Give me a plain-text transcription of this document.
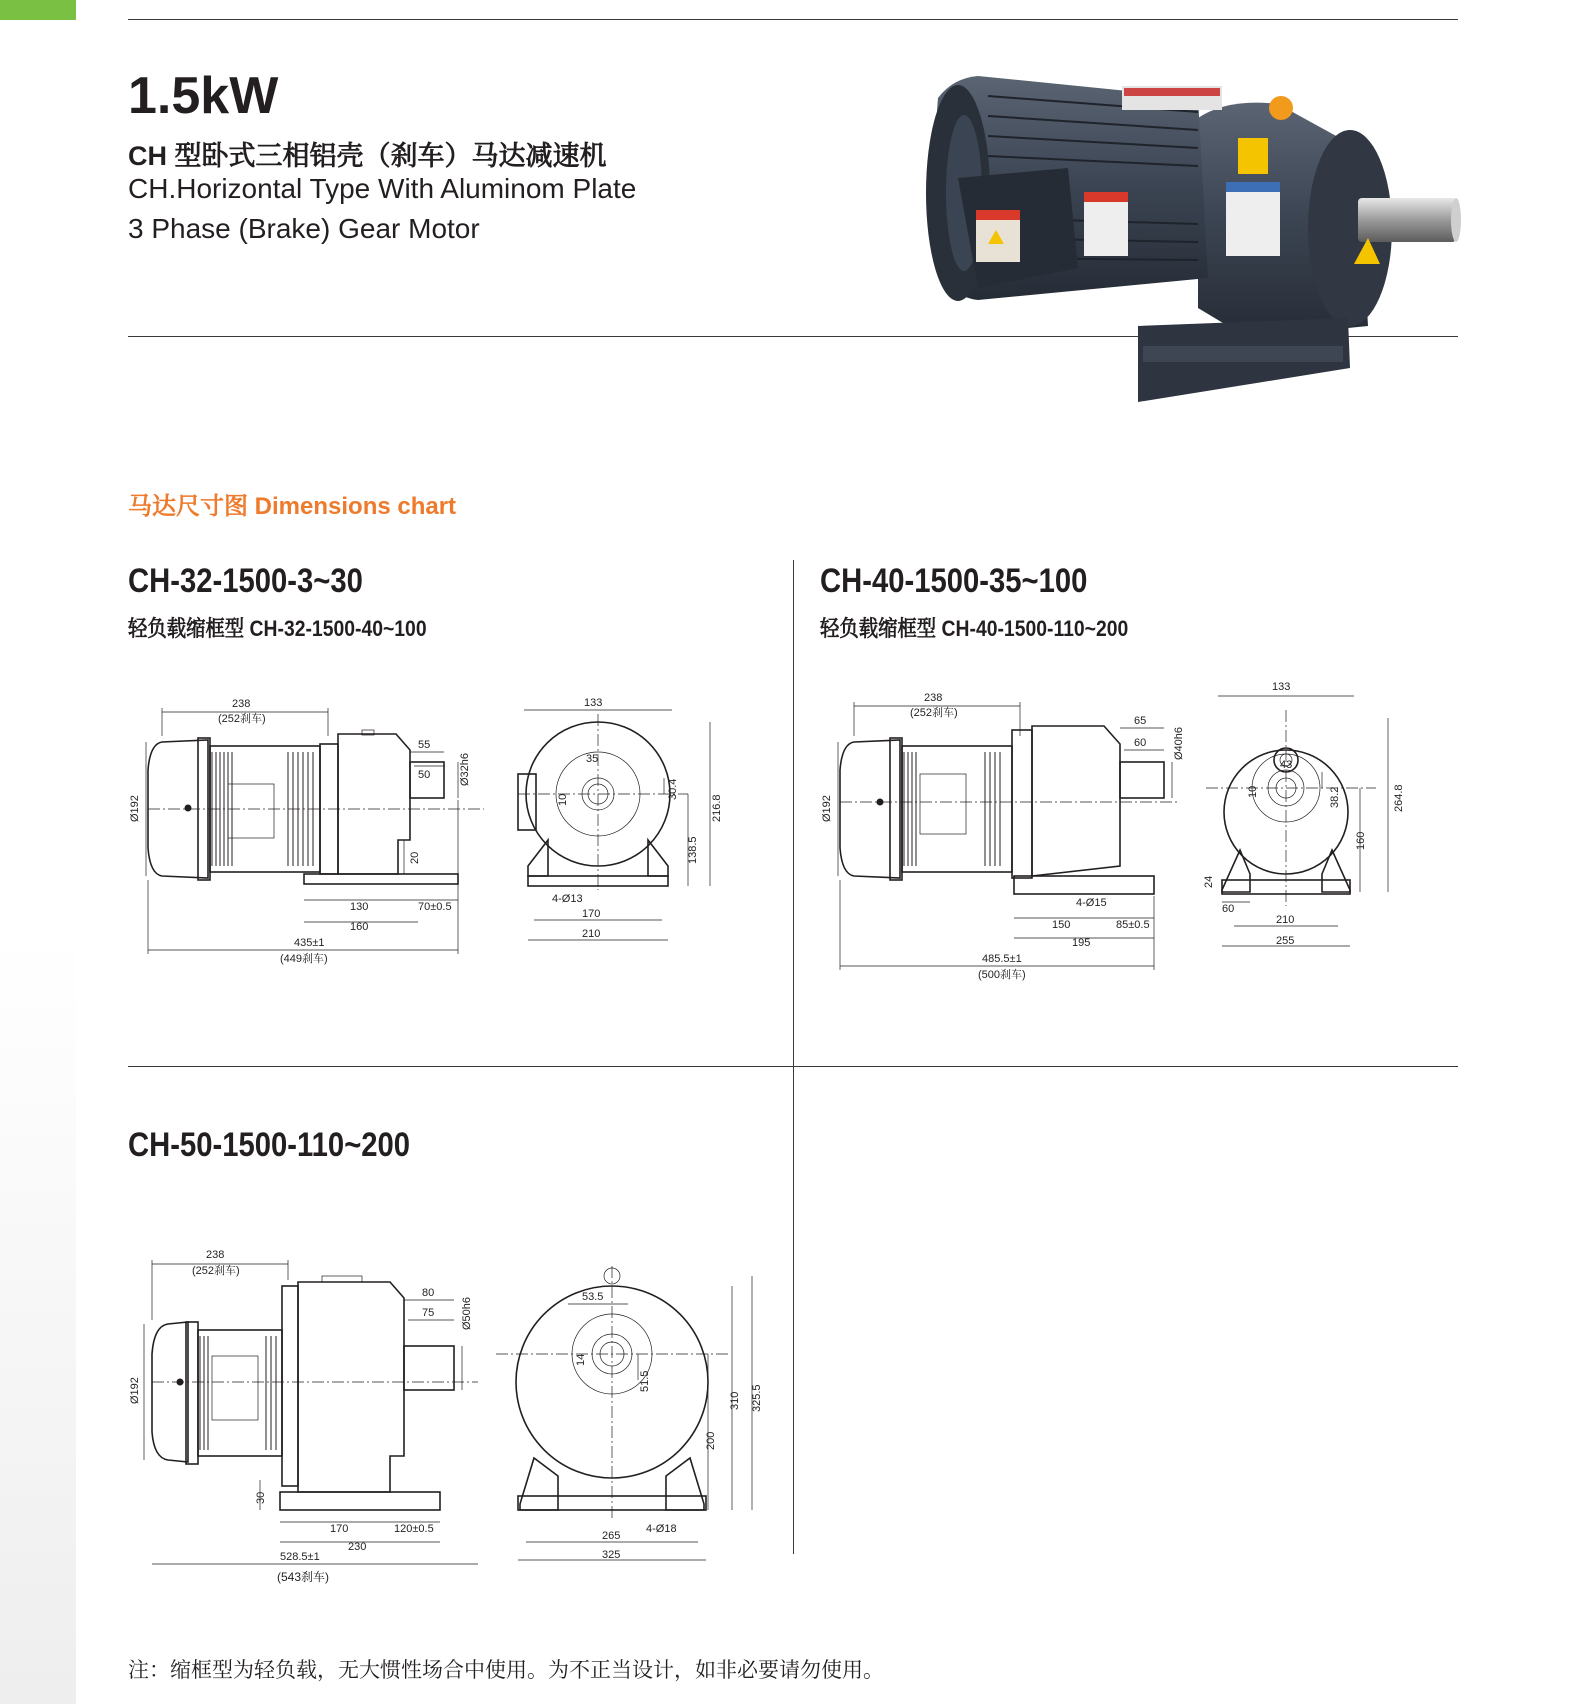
1.5kW
CH 型卧式三相铝壳（刹车）马达减速机
CH.Horizontal Type With Aluminom Plate
3 Phase (Brake) Gear Motor
马达尺寸图 Dimensions chart
CH-32-1500-3~30
轻负载缩框型 CH-32-1500-40~100
238
(252刹车)
55
50	Ø32h6
Ø192
20
130	70±0.5
160
435±1
(449刹车)
133
35
10	30.4
138.5
216.8
4-Ø13
170
210
CH-40-1500-35~100
轻负载缩框型 CH-40-1500-110~200
238
(252刹车)
65
60 Ø40h6
Ø192
4-Ø15
150	85±0.5
195
485.5±1
(500刹车)
133
43
10	38.2
160
264.8
24
60
210
255
CH-50-1500-110~200
238
(252刹车)
80
75 Ø50h6
Ø192
30
170	120±0.5
230
528.5±1
53.5
14
51.5
200
310 325.5
4-Ø18
265
325
(543刹车)
注：缩框型为轻负载，无大惯性场合中使用。为不正当设计，如非必要请勿使用。
